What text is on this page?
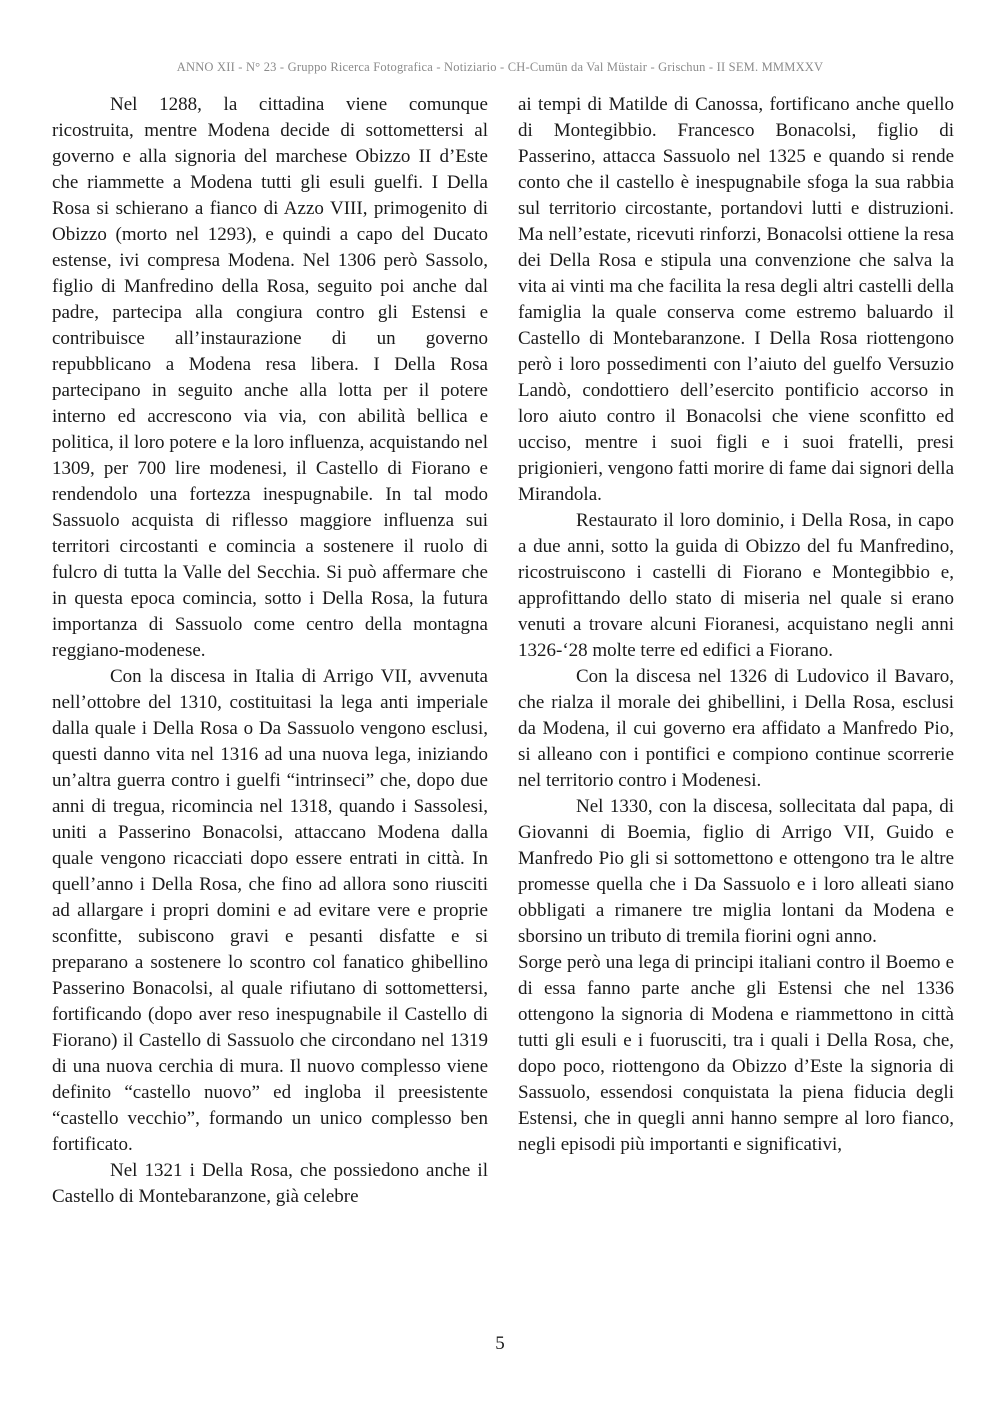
ANNO XII - N° 23 - Gruppo Ricerca Fotografica - Notiziario - CH-Cumün da Val Müstair - Grischun - II SEM. MMMXXV

Nel 1288, la cittadina viene comunque ricostruita, mentre Modena decide di sottomettersi al governo e alla signoria del marchese Obizzo II d’Este che riammette a Modena tutti gli esuli guelfi. I Della Rosa si schierano a fianco di Azzo VIII, primogenito di Obizzo (morto nel 1293), e quindi a capo del Ducato estense, ivi compresa Modena. Nel 1306 però Sassolo, figlio di Manfredino della Rosa, seguito poi anche dal padre, partecipa alla congiura contro gli Estensi e contribuisce all’instaurazione di un governo repubblicano a Modena resa libera. I Della Rosa partecipano in seguito anche alla lotta per il potere interno ed accrescono via via, con abilità bellica e politica, il loro potere e la loro influenza, acquistando nel 1309, per 700 lire modenesi, il Castello di Fiorano e rendendolo una fortezza inespugnabile. In tal modo Sassuolo acquista di riflesso maggiore influenza sui territori circostanti e comincia a sostenere il ruolo di fulcro di tutta la Valle del Secchia. Si può affermare che in questa epoca comincia, sotto i Della Rosa, la futura importanza di Sassuolo come centro della montagna reggiano-modenese.

Con la discesa in Italia di Arrigo VII, avvenuta nell’ottobre del 1310, costituitasi la lega anti imperiale dalla quale i Della Rosa o Da Sassuolo vengono esclusi, questi danno vita nel 1316 ad una nuova lega, iniziando un’altra guerra contro i guelfi “intrinseci” che, dopo due anni di tregua, ricomincia nel 1318, quando i Sassolesi, uniti a Passerino Bonacolsi, attaccano Modena dalla quale vengono ricacciati dopo essere entrati in città. In quell’anno i Della Rosa, che fino ad allora sono riusciti ad allargare i propri domini e ad evitare vere e proprie sconfitte, subiscono gravi e pesanti disfatte e si preparano a sostenere lo scontro col fanatico ghibellino Passerino Bonacolsi, al quale rifiutano di sottomettersi, fortificando (dopo aver reso inespugnabile il Castello di Fiorano) il Castello di Sassuolo che circondano nel 1319 di una nuova cerchia di mura. Il nuovo complesso viene definito “castello nuovo” ed ingloba il preesistente “castello vecchio”, formando un unico complesso ben fortificato.

Nel 1321 i Della Rosa, che possiedono anche il Castello di Montebaranzone, già celebre

ai tempi di Matilde di Canossa, fortificano anche quello di Montegibbio. Francesco Bonacolsi, figlio di Passerino, attacca Sassuolo nel 1325 e quando si rende conto che il castello è inespugnabile sfoga la sua rabbia sul territorio circostante, portandovi lutti e distruzioni. Ma nell’estate, ricevuti rinforzi, Bonacolsi ottiene la resa dei Della Rosa e stipula una convenzione che salva la vita ai vinti ma che facilita la resa degli altri castelli della famiglia la quale conserva come estremo baluardo il Castello di Montebaranzone. I Della Rosa riottengono però i loro possedimenti con l’aiuto del guelfo Versuzio Landò, condottiero dell’esercito pontificio accorso in loro aiuto contro il Bonacolsi che viene sconfitto ed ucciso, mentre i suoi figli e i suoi fratelli, presi prigionieri, vengono fatti morire di fame dai signori della Mirandola.

Restaurato il loro dominio, i Della Rosa, in capo a due anni, sotto la guida di Obizzo del fu Manfredino, ricostruiscono i castelli di Fiorano e Montegibbio e, approfittando dello stato di miseria nel quale si erano venuti a trovare alcuni Fioranesi, acquistano negli anni 1326-‘28 molte terre ed edifici a Fiorano.

Con la discesa nel 1326 di Ludovico il Bavaro, che rialza il morale dei ghibellini, i Della Rosa, esclusi da Modena, il cui governo era affidato a Manfredo Pio, si alleano con i pontifici e compiono continue scorrerie nel territorio contro i Modenesi.

Nel 1330, con la discesa, sollecitata dal papa, di Giovanni di Boemia, figlio di Arrigo VII, Guido e Manfredo Pio gli si sottomettono e ottengono tra le altre promesse quella che i Da Sassuolo e i loro alleati siano obbligati a rimanere tre miglia lontani da Modena e sborsino un tributo di tremila fiorini ogni anno.

Sorge però una lega di principi italiani contro il Boemo e di essa fanno parte anche gli Estensi che nel 1336 ottengono la signoria di Modena e riammettono in città tutti gli esuli e i fuorusciti, tra i quali i Della Rosa, che, dopo poco, riottengono da Obizzo d’Este la signoria di Sassuolo, essendosi conquistata la piena fiducia degli Estensi, che in quegli anni hanno sempre al loro fianco, negli episodi più importanti e significativi,

5
